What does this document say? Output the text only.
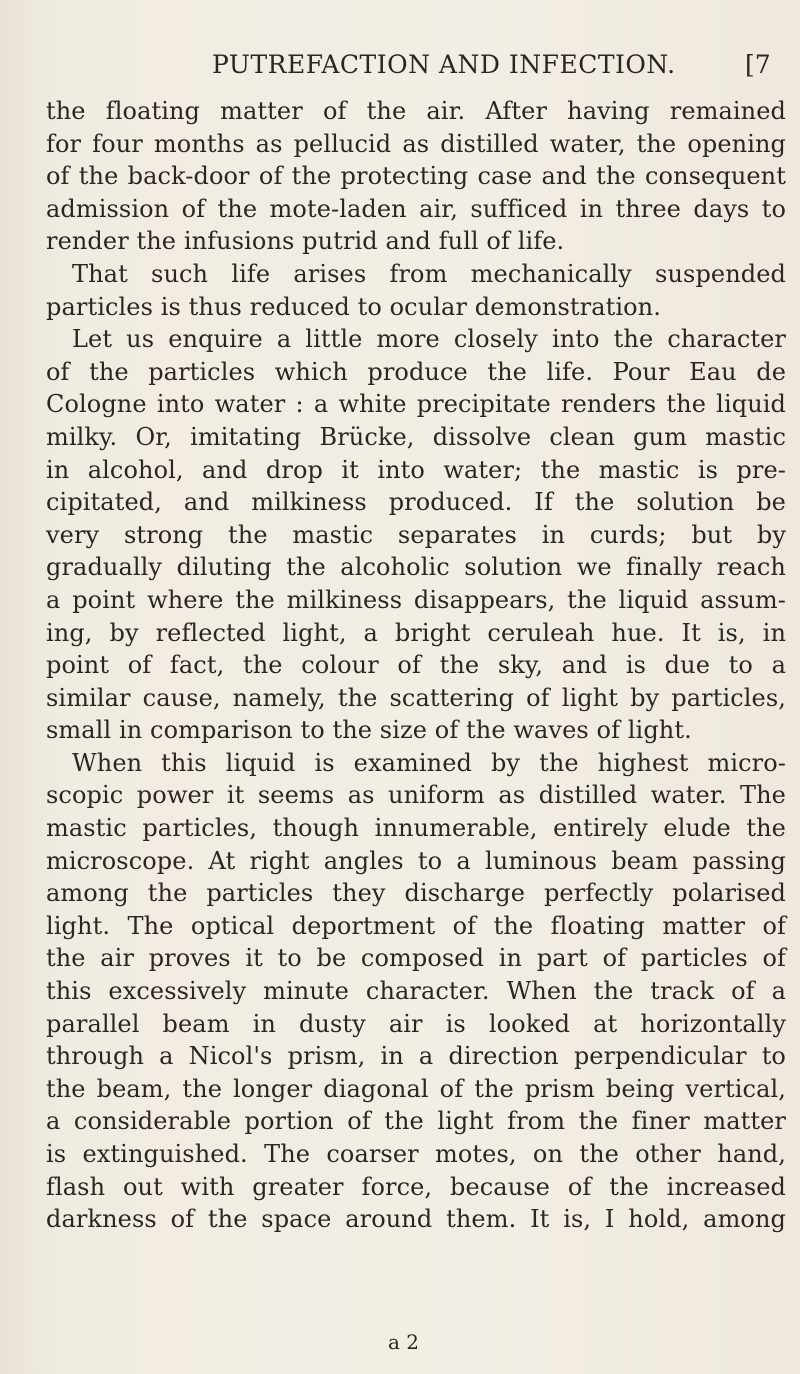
PUTREFACTION AND INFECTION.	[7
the floating matter of the air. After having remained
for four months as pellucid as distilled water, the opening
of the back-door of the protecting case and the consequent
admission of the mote-laden air, sufficed in three days to
render the infusions putrid and full of life.
That such life arises from mechanically suspended
particles is thus reduced to ocular demonstration.
Let us enquire a little more closely into the character
of the particles which produce the life. Pour Eau de
Cologne into water : a white precipitate renders the liquid
milky. Or, imitating Brücke, dissolve clean gum mastic
in alcohol, and drop it into water; the mastic is pre-
cipitated, and milkiness produced. If the solution be
very strong the mastic separates in curds; but by
gradually diluting the alcoholic solution we finally reach
a point where the milkiness disappears, the liquid assum-
ing, by reflected light, a bright ceruleah hue. It is, in
point of fact, the colour of the sky, and is due to a
similar cause, namely, the scattering of light by particles,
small in comparison to the size of the waves of light.
When this liquid is examined by the highest micro-
scopic power it seems as uniform as distilled water. The
mastic particles, though innumerable, entirely elude the
microscope. At right angles to a luminous beam passing
among the particles they discharge perfectly polarised
light. The optical deportment of the floating matter of
the air proves it to be composed in part of particles of
this excessively minute character. When the track of a
parallel beam in dusty air is looked at horizontally
through a Nicol's prism, in a direction perpendicular to
the beam, the longer diagonal of the prism being vertical,
a considerable portion of the light from the finer matter
is extinguished. The coarser motes, on the other hand,
flash out with greater force, because of the increased
darkness of the space around them. It is, I hold, among
a 2
